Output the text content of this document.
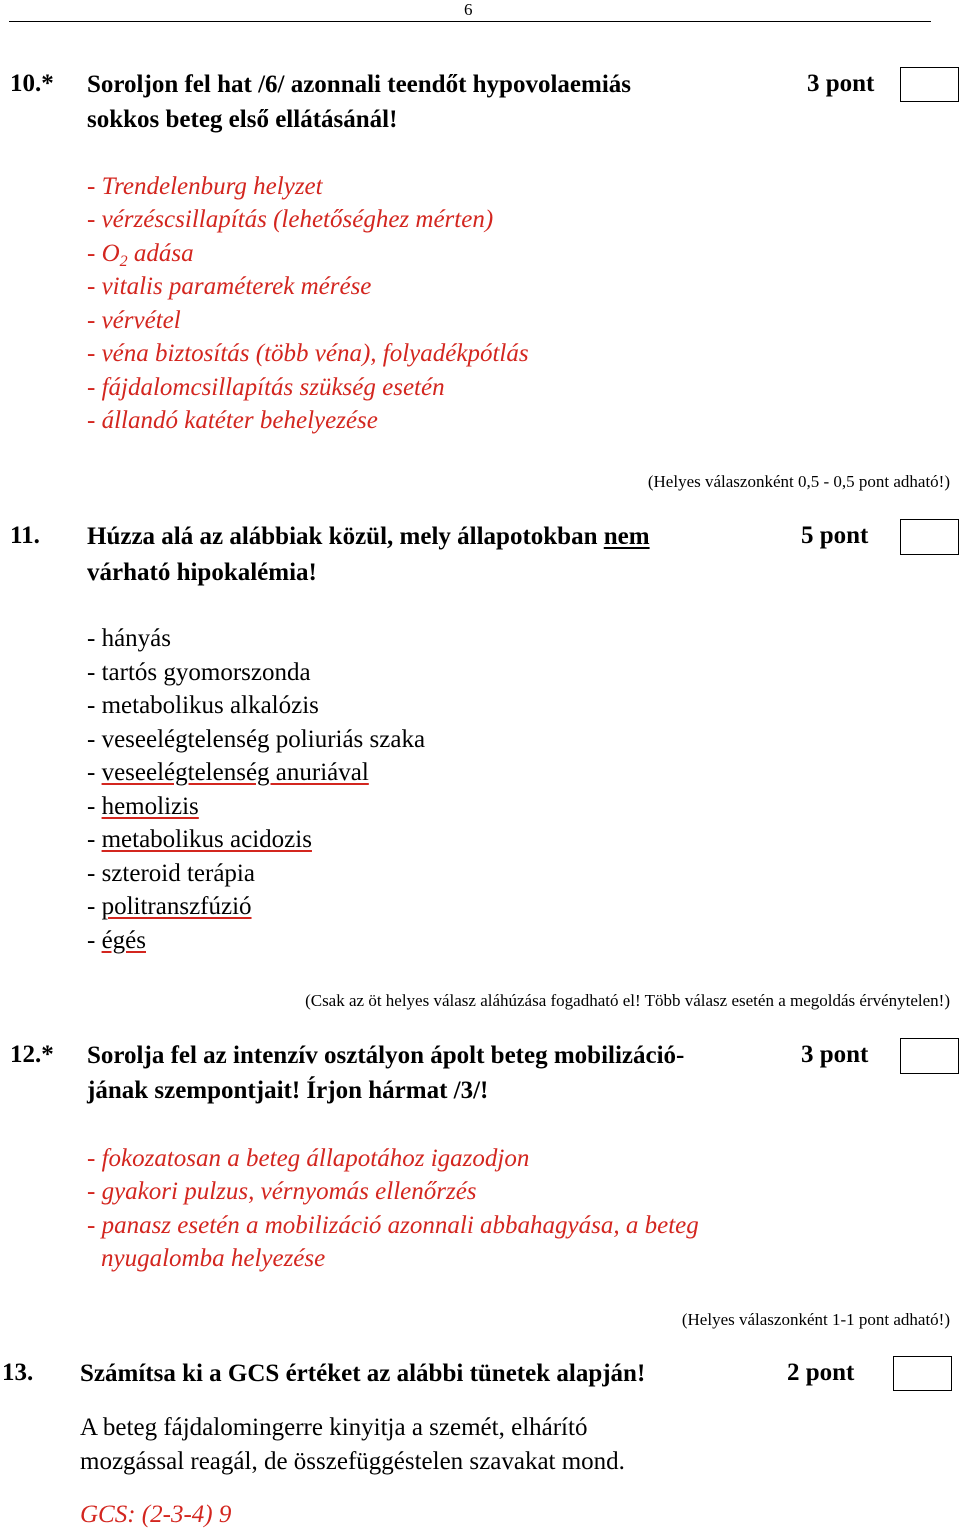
6
10.* Soroljon fel hat /6/ azonnali teendőt hypovolaemiás
sokkos beteg első ellátásánál!
3 pont
- Trendelenburg helyzet
- vérzéscsillapítás (lehetőséghez mérten)
- $O_2$ adása
- vitalis paraméterek mérése
- vérvétel
- véna biztosítás (több véna), folyadékpótlás
- fájdalomcsillapítás szükség esetén
- állandó katéter behelyezése
(Helyes válaszonként 0,5 - 0,5 pont adható!)
11. Húzza alá az alábbiak közül, mely állapotokban nem
várható hipokalémia!
5 pont
- hányás
- tartós gyomorszonda
- metabolikus alkalózis
- veseelégtelenség poliuriás szaka
- veseelégtelenség anuriával
- hemolizis
- metabolikus acidozis
- szteroid terápia
- politranszfúzió
- égés
(Csak az öt helyes válasz aláhúzása fogadható el! Több válasz esetén a megoldás érvénytelen!)
12.* Sorolja fel az intenzív osztályon ápolt beteg mobilizáció-
jának szempontjait! Írjon hármat /3/!
3 pont
- fokozatosan a beteg állapotához igazodjon
- gyakori pulzus, vérnyomás ellenőrzés
- panasz esetén a mobilizáció azonnali abbahagyása, a beteg
nyugalomba helyezése
(Helyes válaszonként 1-1 pont adható!)
13. Számítsa ki a GCS értéket az alábbi tünetek alapján!	2 pont
A beteg fájdalomingerre kinyitja a szemét, elhárító
mozgással reagál, de összefüggéstelen szavakat mond.
GCS: (2-3-4) 9
